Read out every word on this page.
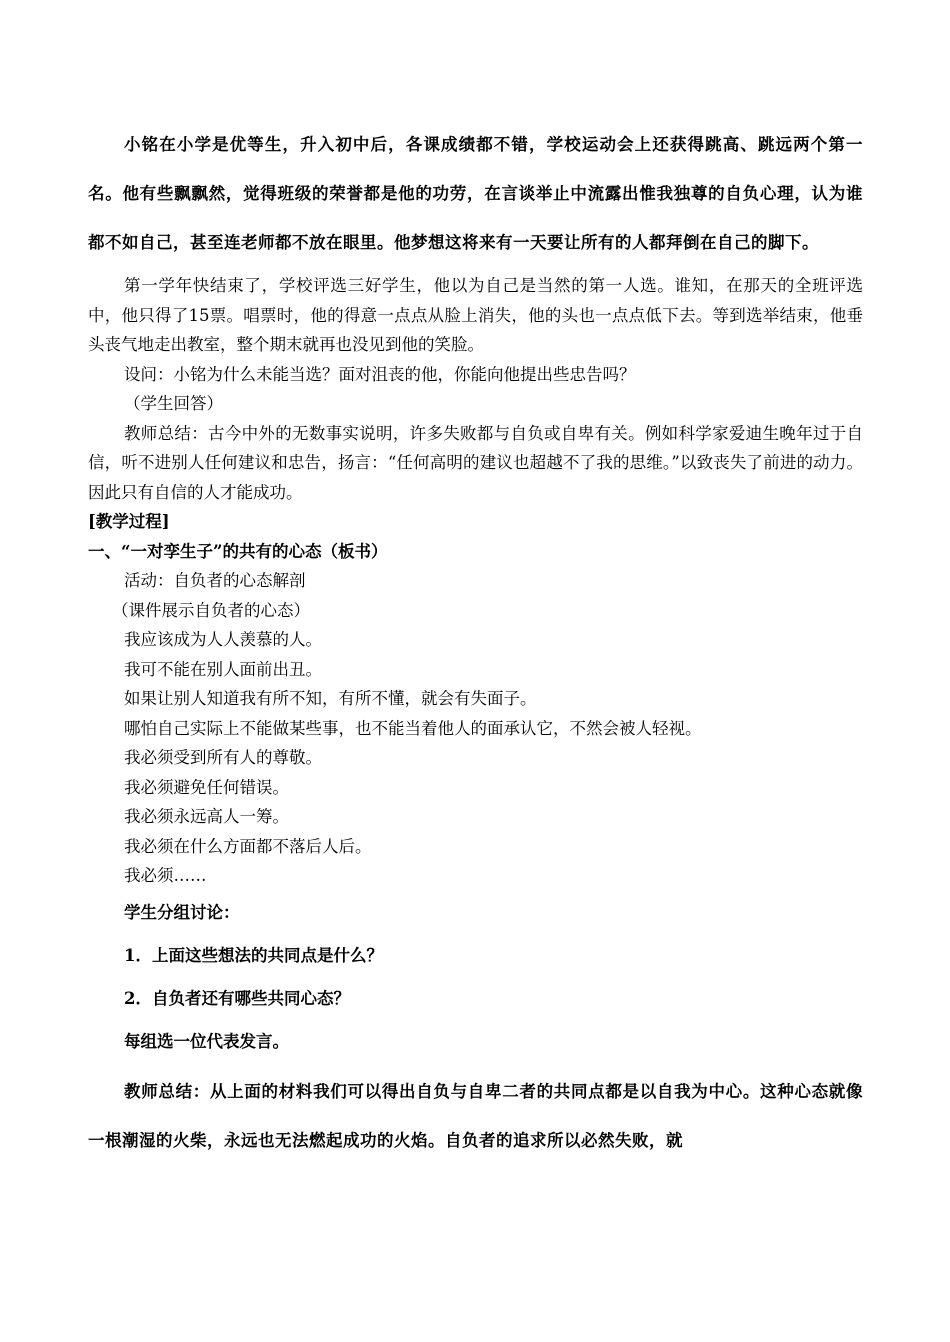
小铭在小学是优等生，升入初中后，各课成绩都不错，学校运动会上还获得跳高、跳远两个第一名。他有些飘飘然，觉得班级的荣誉都是他的功劳，在言谈举止中流露出惟我独尊的自负心理，认为谁都不如自己，甚至连老师都不放在眼里。他梦想这将来有一天要让所有的人都拜倒在自己的脚下。

第一学年快结束了，学校评选三好学生，他以为自己是当然的第一人选。谁知，在那天的全班评选中，他只得了15票。唱票时，他的得意一点点从脸上消失，他的头也一点点低下去。等到选举结束，他垂头丧气地走出教室，整个期末就再也没见到他的笑脸。

设问：小铭为什么未能当选？面对沮丧的他，你能向他提出些忠告吗？

（学生回答）

教师总结：古今中外的无数事实说明，许多失败都与自负或自卑有关。例如科学家爱迪生晚年过于自信，听不进别人任何建议和忠告，扬言：“任何高明的建议也超越不了我的思维。”以致丧失了前进的动力。因此只有自信的人才能成功。

[教学过程]

一、“一对孪生子”的共有的心态（板书）

活动：自负者的心态解剖

（课件展示自负者的心态）

我应该成为人人羡慕的人。

我可不能在别人面前出丑。

如果让别人知道我有所不知，有所不懂，就会有失面子。

哪怕自己实际上不能做某些事，也不能当着他人的面承认它，不然会被人轻视。

我必须受到所有人的尊敬。

我必须避免任何错误。

我必须永远高人一筹。

我必须在什么方面都不落后人后。

我必须……

学生分组讨论：

1．上面这些想法的共同点是什么？

2．自负者还有哪些共同心态？

每组选一位代表发言。

教师总结：从上面的材料我们可以得出自负与自卑二者的共同点都是以自我为中心。这种心态就像一根潮湿的火柴，永远也无法燃起成功的火焰。自负者的追求所以必然失败，就
